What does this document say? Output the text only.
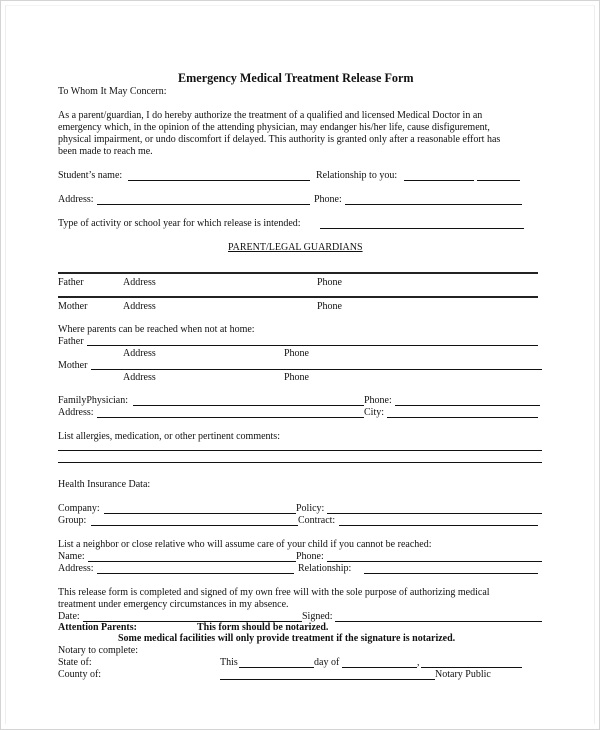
Emergency Medical Treatment Release Form
To Whom It May Concern:
As a parent/guardian, I do hereby authorize the treatment of a qualified and licensed Medical Doctor in an
emergency which, in the opinion of the attending physician, may endanger his/her life, cause disfigurement,
physical impairment, or undo discomfort if delayed. This authority is granted only after a reasonable effort has
been made to reach me.
Student’s name:	Relationship to you:
Address:	Phone:
Type of activity or school year for which release is intended:
PARENT/LEGAL GUARDIANS
Father	Address	Phone
Mother	Address	Phone
Where parents can be reached when not at home:
Father
Address	Phone
Mother
Address	Phone
FamilyPhysician:	Phone:
Address:	City:
List allergies, medication, or other pertinent comments:
Health Insurance Data:
Company:	Policy:
Group:	Contract:
List a neighbor or close relative who will assume care of your child if you cannot be reached:
Name:	Phone:
Address:	Relationship:
This release form is completed and signed of my own free will with the sole purpose of authorizing medical
treatment under emergency circumstances in my absence.
Date:	Signed:
Attention Parents:	This form should be notarized.
Some medical facilities will only provide treatment if the signature is notarized.
Notary to complete:
State of:	This	day of	,
County of:	Notary Public
